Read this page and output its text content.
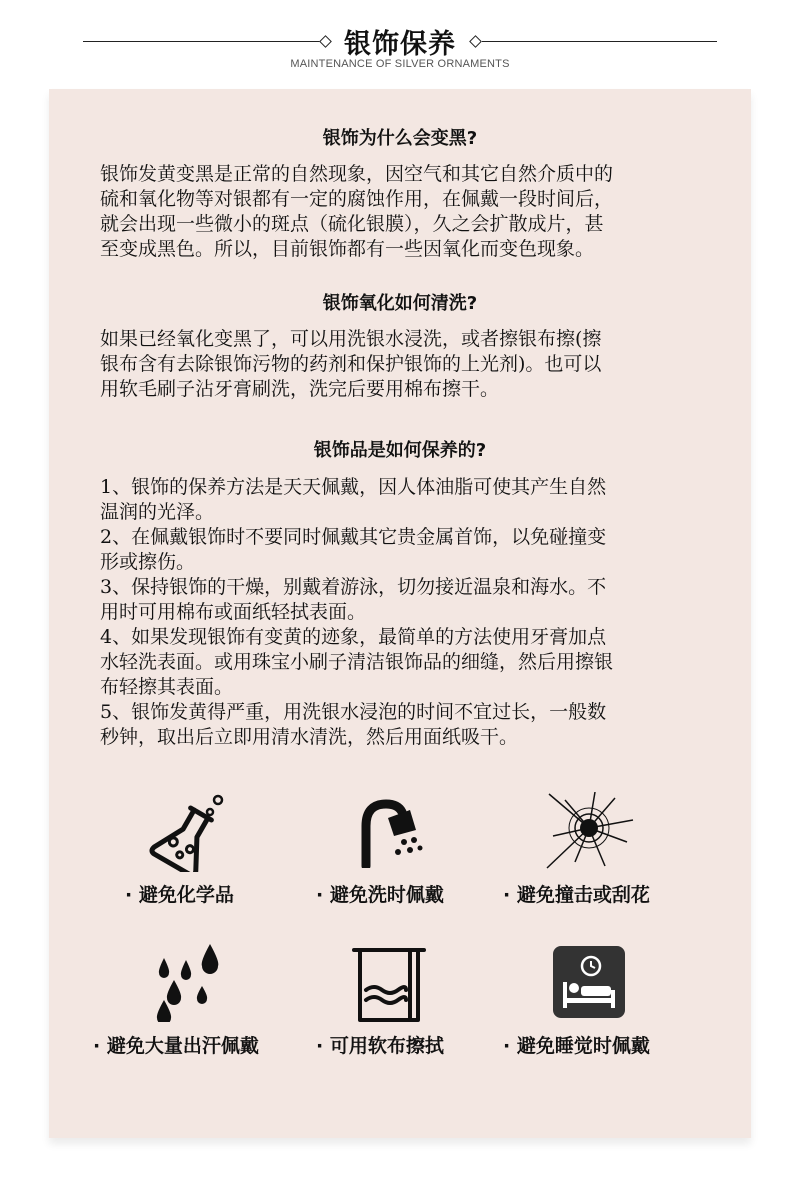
银饰保养
MAINTENANCE OF SILVER ORNAMENTS
银饰为什么会变黑?

银饰发黄变黑是正常的自然现象，因空气和其它自然介质中的

硫和氧化物等对银都有一定的腐蚀作用，在佩戴一段时间后，

就会出现一些微小的斑点（硫化银膜），久之会扩散成片，甚

至变成黑色。所以，目前银饰都有一些因氧化而变色现象。

银饰氧化如何清洗?

如果已经氧化变黑了，可以用洗银水浸洗，或者擦银布擦(擦

银布含有去除银饰污物的药剂和保护银饰的上光剂)。也可以

用软毛刷子沾牙膏刷洗，洗完后要用棉布擦干。

银饰品是如何保养的?

1、银饰的保养方法是天天佩戴，因人体油脂可使其产生自然

温润的光泽。

2、在佩戴银饰时不要同时佩戴其它贵金属首饰，以免碰撞变

形或擦伤。

3、保持银饰的干燥，别戴着游泳，切勿接近温泉和海水。不

用时可用棉布或面纸轻拭表面。

4、如果发现银饰有变黄的迹象，最简单的方法使用牙膏加点

水轻洗表面。或用珠宝小刷子清洁银饰品的细缝，然后用擦银

布轻擦其表面。

5、银饰发黄得严重，用洗银水浸泡的时间不宜过长，一般数

秒钟，取出后立即用清水清洗，然后用面纸吸干。

· 避免化学品	· 避免洗时佩戴	· 避免撞击或刮花
· 避免大量出汗佩戴	· 可用软布擦拭	· 避免睡觉时佩戴
